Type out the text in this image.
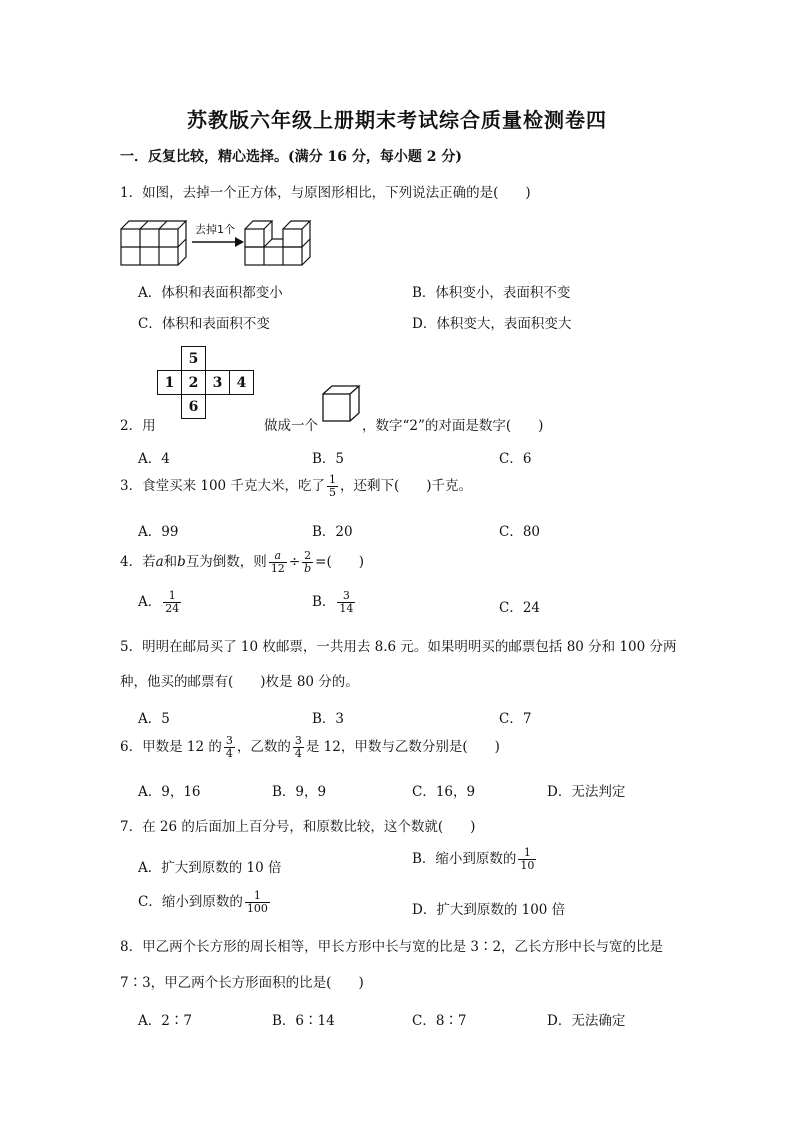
苏教版六年级上册期末考试综合质量检测卷四
一．反复比较，精心选择。(满分 16 分，每小题 2 分)
1．如图，去掉一个正方体，与原图形相比，下列说法正确的是(　　)
去掉1个
A．体积和表面积都变小	B．体积变小，表面积不变
C．体积和表面积不变	D．体积变大，表面积变大
5
1	2	3	4
6
2．用	做成一个	，数字“2”的对面是数字(　　)
A．4	B．5	C．6
3．食堂买来 100 千克大米，吃了 $\frac{1}{5}$ ，还剩下(　　)千克。
A．99	B．20	C．80
4．若a和b互为倒数，则 $\frac{a}{12} \div \frac{2}{b}$ =(　　)
A． $\frac{1}{24}$	B． $\frac{3}{14}$	C．24
5．明明在邮局买了 10 枚邮票，一共用去 8.6 元。如果明明买的邮票包括 80 分和 100 分两
种，他买的邮票有(　　)枚是 80 分的。
A．5	B．3	C．7
6．甲数是 12 的 $\frac{3}{4}$ ，乙数的 $\frac{3}{4}$ 是 12，甲数与乙数分别是(　　)
A．9，16	B．9，9	C．16，9	D．无法判定
7．在 26 的后面加上百分号，和原数比较，这个数就(　　)
A．扩大到原数的 10 倍
B．缩小到原数的 $\frac{1}{10}$
C．缩小到原数的 $\frac{1}{100}$	D．扩大到原数的 100 倍
8．甲乙两个长方形的周长相等，甲长方形中长与宽的比是 3∶2，乙长方形中长与宽的比是
7∶3，甲乙两个长方形面积的比是(　　)
A．2∶7	B．6∶14	C．8∶7	D．无法确定
